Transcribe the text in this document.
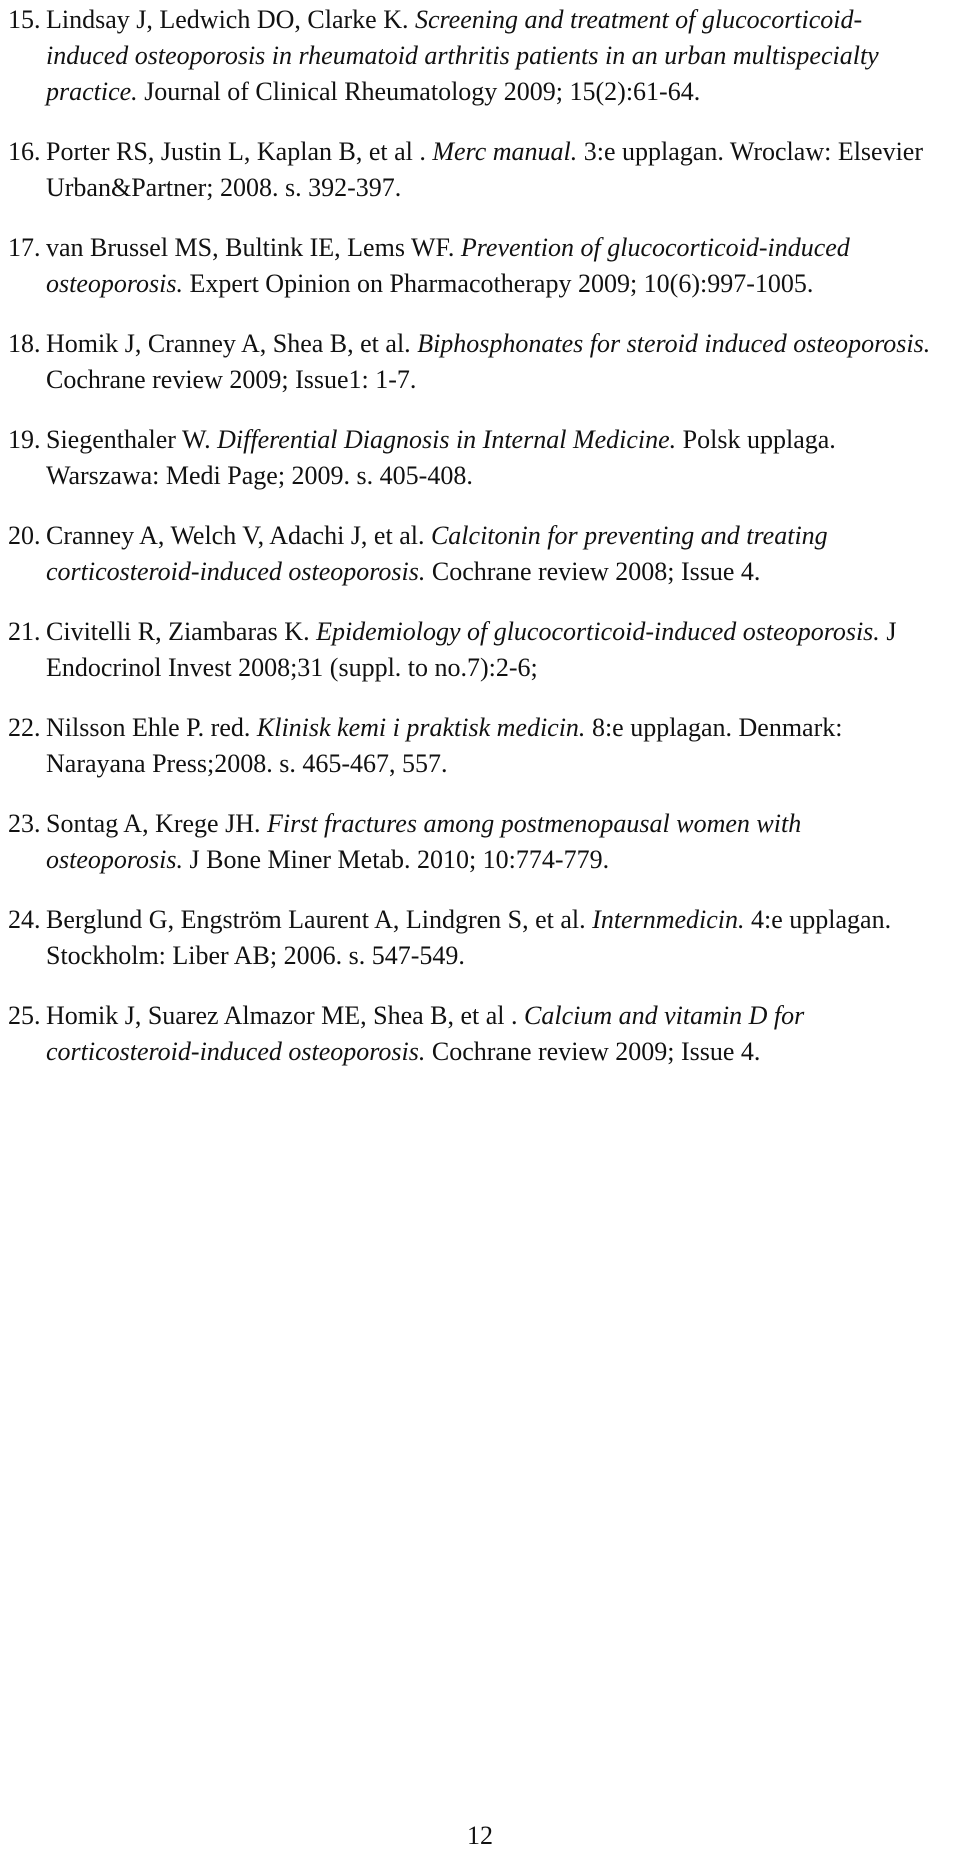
15. Lindsay J, Ledwich DO, Clarke K. Screening and treatment of glucocorticoid-induced osteoporosis in rheumatoid arthritis patients in an urban multispecialty practice. Journal of Clinical Rheumatology 2009; 15(2):61-64.
16. Porter RS, Justin L, Kaplan B, et al . Merc manual. 3:e upplagan. Wroclaw: Elsevier Urban&Partner; 2008. s. 392-397.
17. van Brussel MS, Bultink IE, Lems WF. Prevention of glucocorticoid-induced osteoporosis. Expert Opinion on Pharmacotherapy 2009; 10(6):997-1005.
18. Homik J, Cranney A, Shea B, et al. Biphosphonates for steroid induced osteoporosis. Cochrane review 2009; Issue1: 1-7.
19. Siegenthaler W. Differential Diagnosis in Internal Medicine. Polsk upplaga. Warszawa: Medi Page; 2009. s. 405-408.
20. Cranney A, Welch V, Adachi J, et al. Calcitonin for preventing and treating corticosteroid-induced osteoporosis. Cochrane review 2008; Issue 4.
21. Civitelli R, Ziambaras K. Epidemiology of glucocorticoid-induced osteoporosis. J Endocrinol Invest 2008;31 (suppl. to no.7):2-6;
22. Nilsson Ehle P. red. Klinisk kemi i praktisk medicin. 8:e upplagan. Denmark: Narayana Press;2008. s. 465-467, 557.
23. Sontag A, Krege JH. First fractures among postmenopausal women with osteoporosis. J Bone Miner Metab. 2010; 10:774-779.
24. Berglund G, Engström Laurent A, Lindgren S, et al. Internmedicin. 4:e upplagan. Stockholm: Liber AB; 2006. s. 547-549.
25. Homik J, Suarez Almazor ME, Shea B, et al . Calcium and vitamin D for corticosteroid-induced osteoporosis. Cochrane review 2009; Issue 4.
12
